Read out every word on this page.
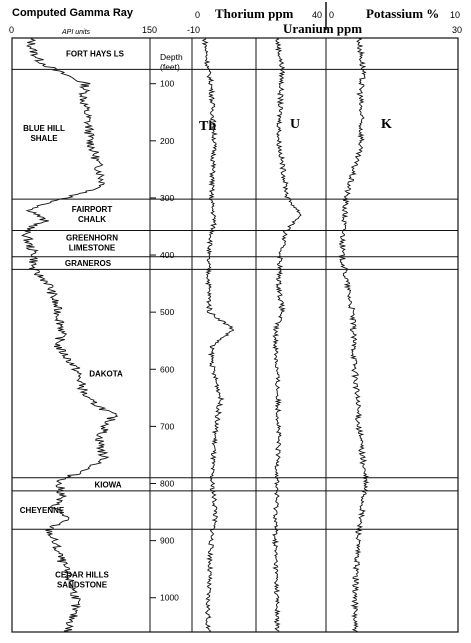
Computed Gamma Ray	Thorium ppm
0	40 0 Potassium % 10
0	API units	150	-10	Uranium ppm	30
Depth
(feet)
Th	U	K
100
200
300
400
500
600
700
800
900
1000
FORT HAYS LS
BLUE HILL
SHALE
FAIRPORT
CHALK
GREENHORN
LIMESTONE
GRANEROS
DAKOTA
KIOWA
CHEYENNE
CEDAR HILLS
SANDSTONE
